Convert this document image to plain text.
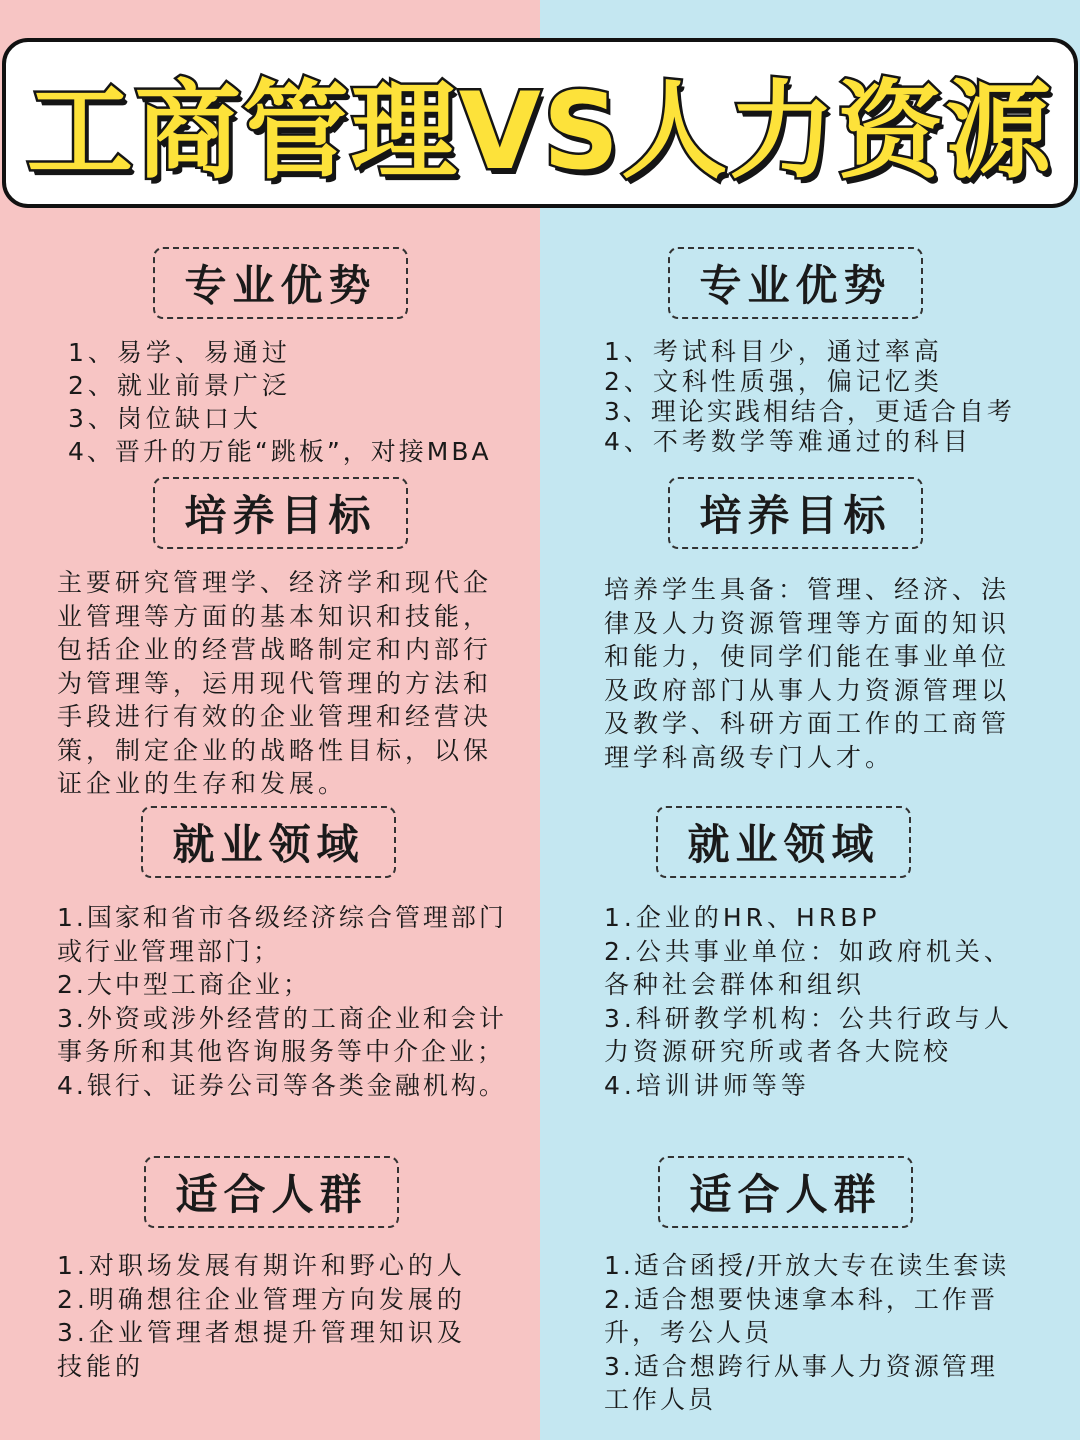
工商管理VS人力资源
专业优势
1、易学、易通过
2、就业前景广泛
3、岗位缺口大
4、晋升的万能“跳板”，对接MBA
培养目标
主要研究管理学、经济学和现代企
业管理等方面的基本知识和技能，
包括企业的经营战略制定和内部行
为管理等，运用现代管理的方法和
手段进行有效的企业管理和经营决
策，制定企业的战略性目标，以保
证企业的生存和发展。
就业领域
1.国家和省市各级经济综合管理部门
或行业管理部门；
2.大中型工商企业；
3.外资或涉外经营的工商企业和会计
事务所和其他咨询服务等中介企业；
4.银行、证券公司等各类金融机构。
适合人群
1.对职场发展有期许和野心的人
2.明确想往企业管理方向发展的
3.企业管理者想提升管理知识及
技能的
专业优势
1、考试科目少，通过率高
2、文科性质强，偏记忆类
3、理论实践相结合，更适合自考
4、不考数学等难通过的科目
培养目标
培养学生具备：管理、经济、法
律及人力资源管理等方面的知识
和能力，使同学们能在事业单位
及政府部门从事人力资源管理以
及教学、科研方面工作的工商管
理学科高级专门人才。
就业领域
1.企业的HR、HRBP
2.公共事业单位：如政府机关、
各种社会群体和组织
3.科研教学机构：公共行政与人
力资源研究所或者各大院校
4.培训讲师等等
适合人群
1.适合函授/开放大专在读生套读
2.适合想要快速拿本科，工作晋
升，考公人员
3.适合想跨行从事人力资源管理
工作人员
